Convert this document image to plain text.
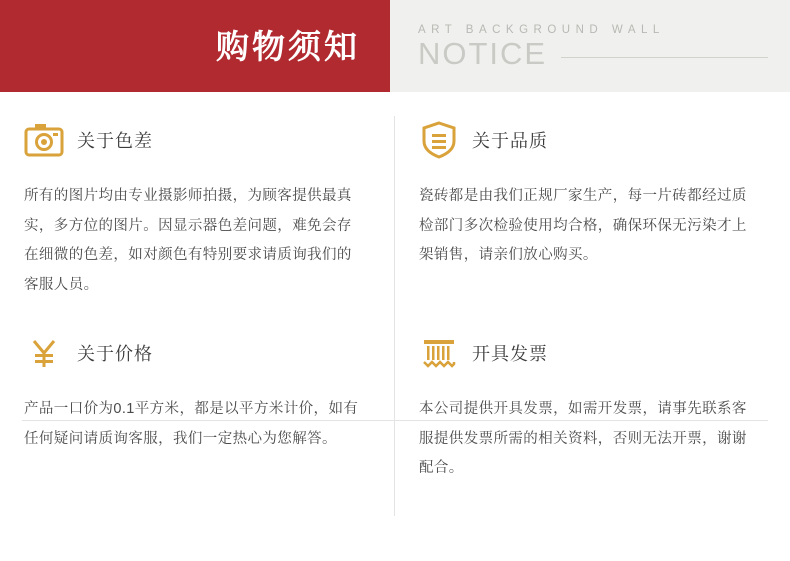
购物须知	ART BACKGROUND WALL
NOTICE
关于色差
所有的图片均由专业摄影师拍摄，为顾客提供最真实，多方位的图片。因显示器色差问题，难免会存在细微的色差，如对颜色有特别要求请质询我们的客服人员。
关于品质
瓷砖都是由我们正规厂家生产，每一片砖都经过质检部门多次检验使用均合格，确保环保无污染才上架销售，请亲们放心购买。
关于价格
产品一口价为0.1平方米，都是以平方米计价，如有任何疑问请质询客服，我们一定热心为您解答。
开具发票
本公司提供开具发票，如需开发票，请事先联系客服提供发票所需的相关资料，否则无法开票，谢谢配合。
